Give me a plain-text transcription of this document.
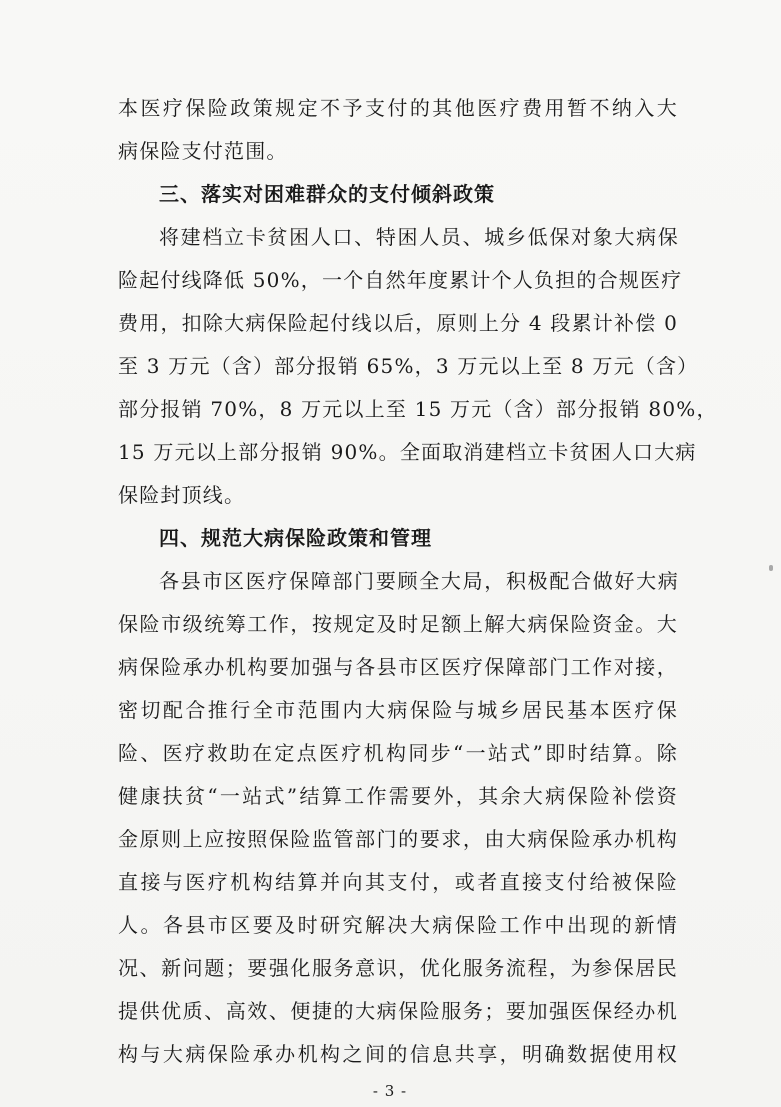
本医疗保险政策规定不予支付的其他医疗费用暂不纳入大
病保险支付范围。
三、落实对困难群众的支付倾斜政策
将建档立卡贫困人口、特困人员、城乡低保对象大病保
险起付线降低 50%，一个自然年度累计个人负担的合规医疗
费用，扣除大病保险起付线以后，原则上分 4 段累计补偿 0
至 3 万元（含）部分报销 65%，3 万元以上至 8 万元（含）
部分报销 70%，8 万元以上至 15 万元（含）部分报销 80%，
15 万元以上部分报销 90%。全面取消建档立卡贫困人口大病
保险封顶线。
四、规范大病保险政策和管理
各县市区医疗保障部门要顾全大局，积极配合做好大病
保险市级统筹工作，按规定及时足额上解大病保险资金。大
病保险承办机构要加强与各县市区医疗保障部门工作对接，
密切配合推行全市范围内大病保险与城乡居民基本医疗保
险、医疗救助在定点医疗机构同步“一站式”即时结算。除
健康扶贫“一站式”结算工作需要外，其余大病保险补偿资
金原则上应按照保险监管部门的要求，由大病保险承办机构
直接与医疗机构结算并向其支付，或者直接支付给被保险
人。各县市区要及时研究解决大病保险工作中出现的新情
况、新问题；要强化服务意识，优化服务流程，为参保居民
提供优质、高效、便捷的大病保险服务；要加强医保经办机
构与大病保险承办机构之间的信息共享，明确数据使用权
- 3 -
